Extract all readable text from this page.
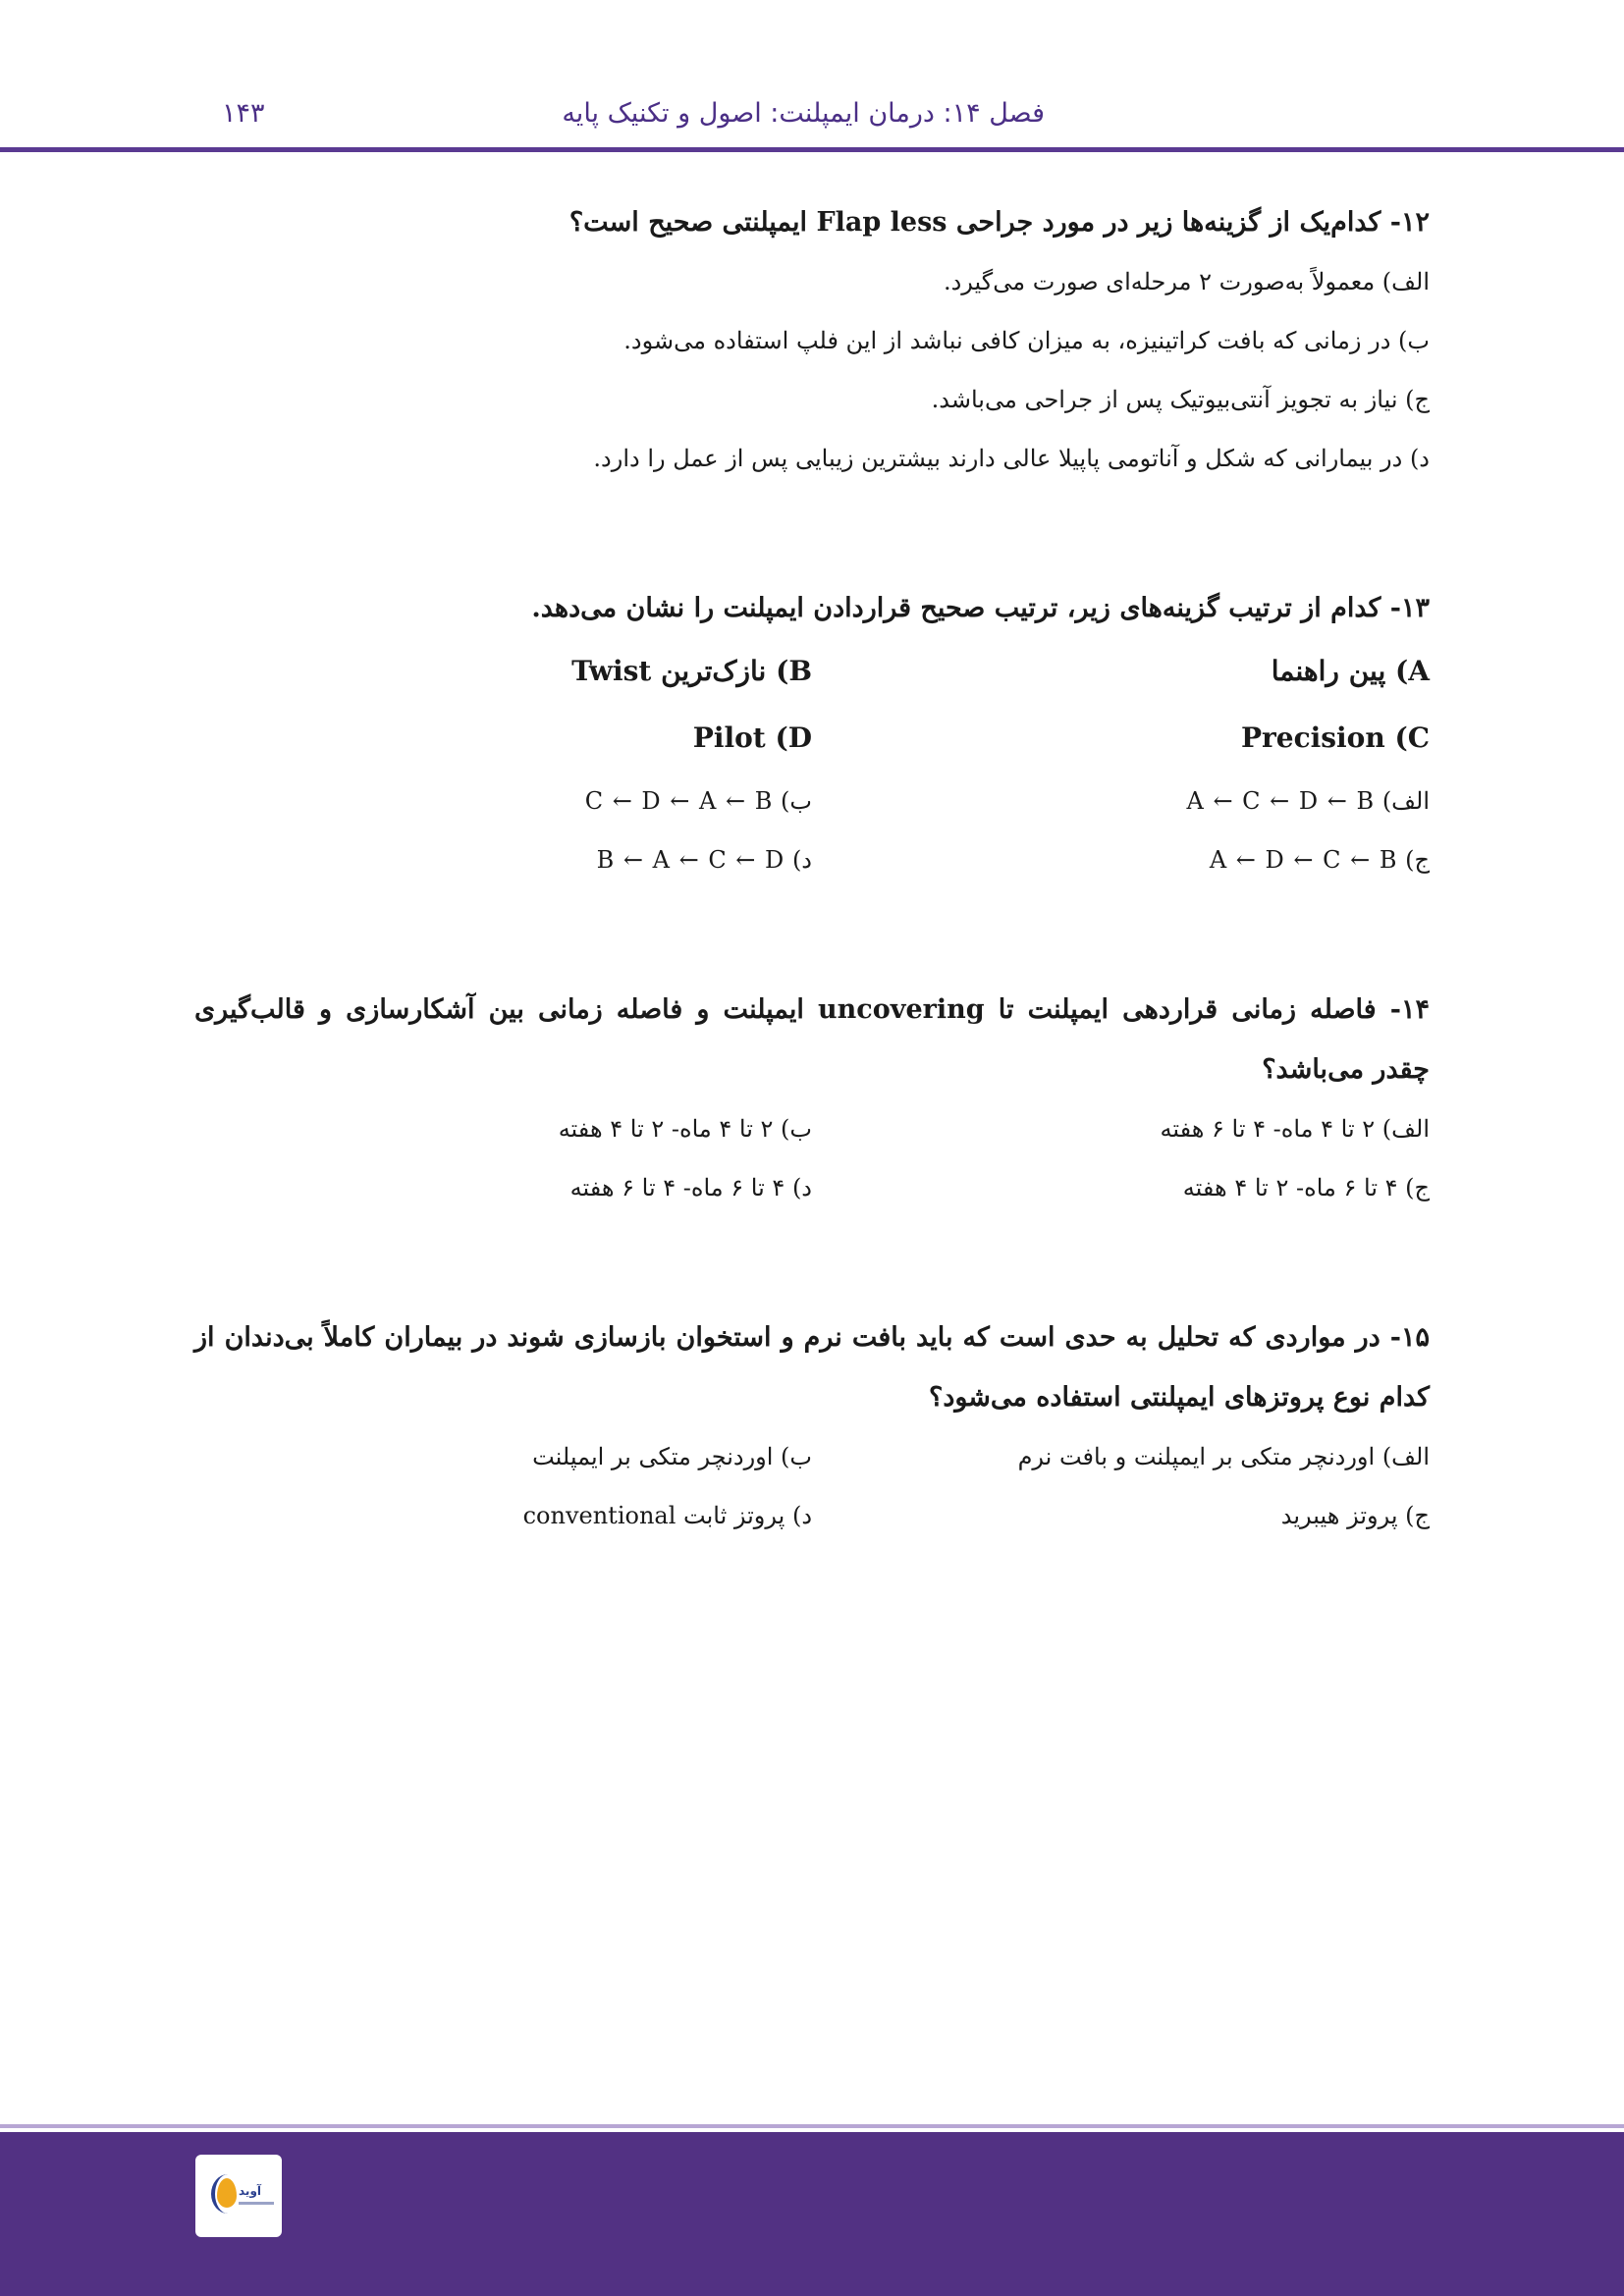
فصل ۱۴: درمان ایمپلنت: اصول و تکنیک پایه
۱۴۳
۱۲- کدام‌یک از گزینه‌ها زیر در مورد جراحی Flap less ایمپلنتی صحیح است؟
الف) معمولاً به‌صورت ۲ مرحله‌ای صورت می‌گیرد.
ب) در زمانی که بافت کراتینیزه، به میزان کافی نباشد از این فلپ استفاده می‌شود.
ج) نیاز به تجویز آنتی‌بیوتیک پس از جراحی می‌باشد.
د) در بیمارانی که شکل و آناتومی پاپیلا عالی دارند بیشترین زیبایی پس از عمل را دارد.
۱۳- کدام از ترتیب گزینه‌های زیر، ترتیب صحیح قراردادن ایمپلنت را نشان می‌دهد.
A) پین راهنما
B) نازک‌ترین Twist
Precision (C
Pilot (D
الف) A ← C ← D ← B
ب) C ← D ← A ← B
ج) A ← D ← C ← B
د) B ← A ← C ← D
۱۴- فاصله زمانی قراردهی ایمپلنت تا uncovering ایمپلنت و فاصله زمانی بین آشکارسازی و قالب‌گیری چقدر می‌باشد؟
الف) ۲ تا ۴ ماه- ۴ تا ۶ هفته
ب) ۲ تا ۴ ماه- ۲ تا ۴ هفته
ج) ۴ تا ۶ ماه- ۲ تا ۴ هفته
د) ۴ تا ۶ ماه- ۴ تا ۶ هفته
۱۵- در مواردی که تحلیل به حدی است که باید بافت نرم و استخوان بازسازی شوند در بیماران کاملاً بی‌دندان از کدام نوع پروتزهای ایمپلنتی استفاده می‌شود؟
الف) اوردنچر متکی بر ایمپلنت و بافت نرم
ب) اوردنچر متکی بر ایمپلنت
ج) پروتز هیبرید
د) پروتز ثابت conventional
آوید
